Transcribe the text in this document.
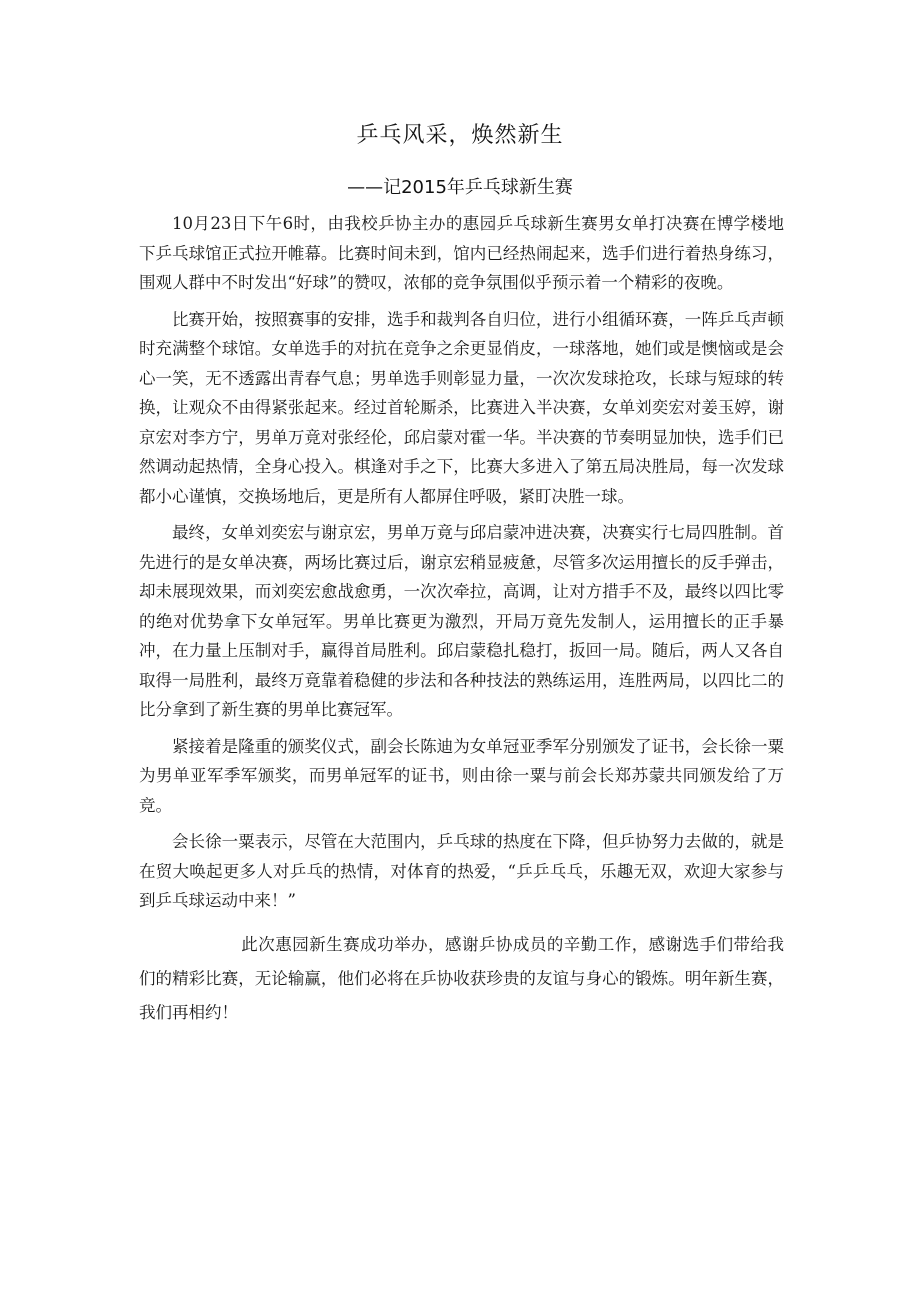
乒乓风采，焕然新生
——记2015年乒乓球新生赛

10月23日下午6时，由我校乒协主办的惠园乒乓球新生赛男女单打决赛在博学楼地下乒乓球馆正式拉开帷幕。比赛时间未到，馆内已经热闹起来，选手们进行着热身练习，围观人群中不时发出“好球”的赞叹，浓郁的竞争氛围似乎预示着一个精彩的夜晚。

比赛开始，按照赛事的安排，选手和裁判各自归位，进行小组循环赛，一阵乒乓声顿时充满整个球馆。女单选手的对抗在竞争之余更显俏皮，一球落地，她们或是懊恼或是会心一笑，无不透露出青春气息；男单选手则彰显力量，一次次发球抢攻，长球与短球的转换，让观众不由得紧张起来。经过首轮厮杀，比赛进入半决赛，女单刘奕宏对姜玉婷，谢京宏对李方宁，男单万竟对张经伦，邱启蒙对霍一华。半决赛的节奏明显加快，选手们已然调动起热情，全身心投入。棋逢对手之下，比赛大多进入了第五局决胜局，每一次发球都小心谨慎，交换场地后，更是所有人都屏住呼吸，紧盯决胜一球。

最终，女单刘奕宏与谢京宏，男单万竟与邱启蒙冲进决赛，决赛实行七局四胜制。首先进行的是女单决赛，两场比赛过后，谢京宏稍显疲惫，尽管多次运用擅长的反手弹击，却未展现效果，而刘奕宏愈战愈勇，一次次牵拉，高调，让对方措手不及，最终以四比零的绝对优势拿下女单冠军。男单比赛更为激烈，开局万竟先发制人，运用擅长的正手暴冲，在力量上压制对手，赢得首局胜利。邱启蒙稳扎稳打，扳回一局。随后，两人又各自取得一局胜利，最终万竟靠着稳健的步法和各种技法的熟练运用，连胜两局，以四比二的比分拿到了新生赛的男单比赛冠军。

紧接着是隆重的颁奖仪式，副会长陈迪为女单冠亚季军分别颁发了证书，会长徐一粟为男单亚军季军颁奖，而男单冠军的证书，则由徐一粟与前会长郑苏蒙共同颁发给了万竞。

会长徐一粟表示，尽管在大范围内，乒乓球的热度在下降，但乒协努力去做的，就是在贸大唤起更多人对乒乓的热情，对体育的热爱，“乒乒乓乓，乐趣无双，欢迎大家参与到乒乓球运动中来！”

此次惠园新生赛成功举办，感谢乒协成员的辛勤工作，感谢选手们带给我们的精彩比赛，无论输赢，他们必将在乒协收获珍贵的友谊与身心的锻炼。明年新生赛，我们再相约！
